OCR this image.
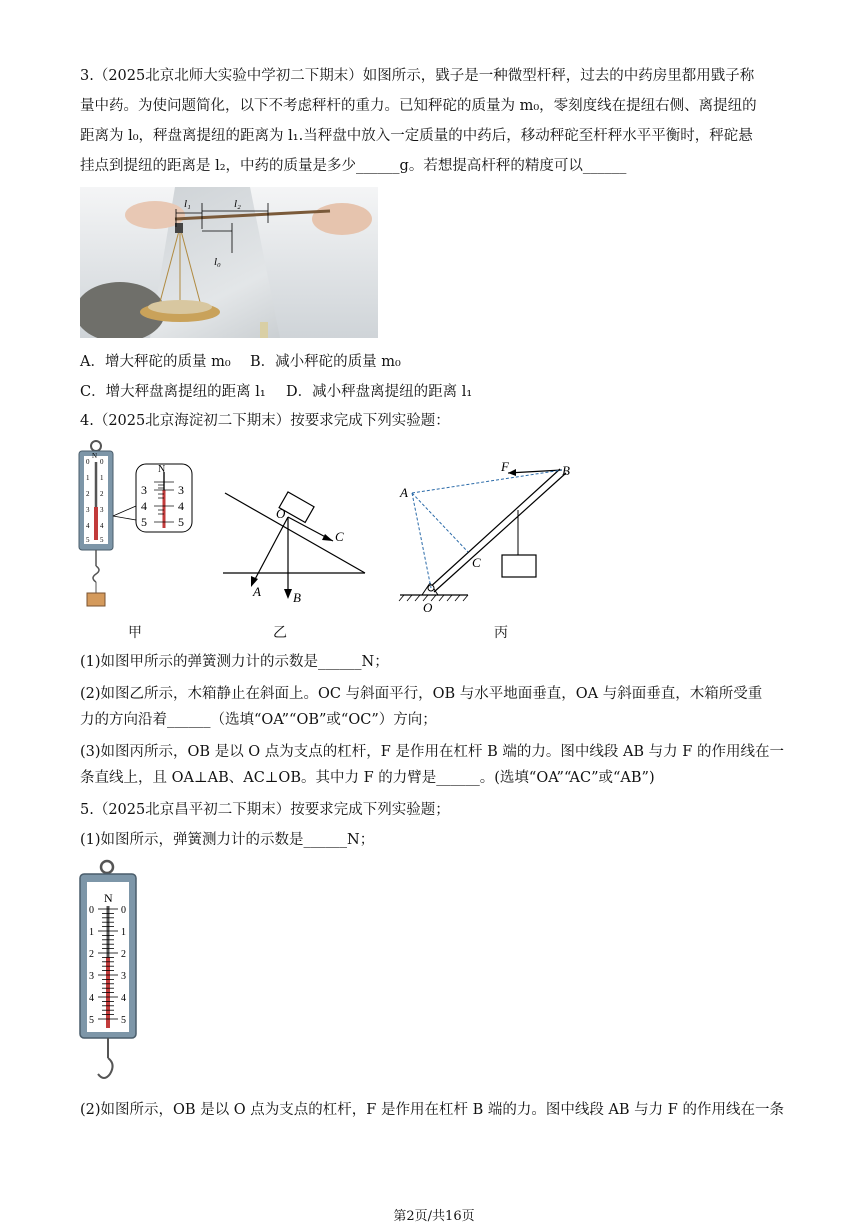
3.（2025北京北师大实验中学初二下期末）如图所示，戥子是一种微型杆秤，过去的中药房里都用戥子称
量中药。为使问题简化，以下不考虑秤杆的重力。已知秤砣的质量为 m₀，零刻度线在提纽右侧、离提纽的
距离为 l₀，秤盘离提纽的距离为 l₁.当秤盘中放入一定质量的中药后，移动秤砣至杆秤水平平衡时，秤砣悬
挂点到提纽的距离是 l₂，中药的质量是多少______g。若想提高杆秤的精度可以______
l₁	l₂
l₀
A．增大秤砣的质量 m₀ B．减小秤砣的质量 m₀
C．增大秤盘离提纽的距离 l₁ D．减小秤盘离提纽的距离 l₁
4.（2025北京海淀初二下期末）按要求完成下列实验题：
0
1
2
3
4
5
0
1
2
3
4
5
N
N
3
4
5
3
4
5
O
C
B
A
A
B
F
C
O
甲	乙	丙
(1)如图甲所示的弹簧测力计的示数是______N；
(2)如图乙所示，木箱静止在斜面上。OC 与斜面平行，OB 与水平地面垂直，OA 与斜面垂直，木箱所受重
力的方向沿着______（选填“OA”“OB”或“OC”）方向；
(3)如图丙所示，OB 是以 O 点为支点的杠杆，F 是作用在杠杆 B 端的力。图中线段 AB 与力 F 的作用线在一
条直线上，且 OA⊥AB、AC⊥OB。其中力 F 的力臂是______。(选填“OA”“AC”或“AB”)
5.（2025北京昌平初二下期末）按要求完成下列实验题；
(1)如图所示，弹簧测力计的示数是______N；
N
0
1
2
3
4
5
0
1
2
3
4
5
(2)如图所示，OB 是以 O 点为支点的杠杆，F 是作用在杠杆 B 端的力。图中线段 AB 与力 F 的作用线在一条
第2页/共16页
